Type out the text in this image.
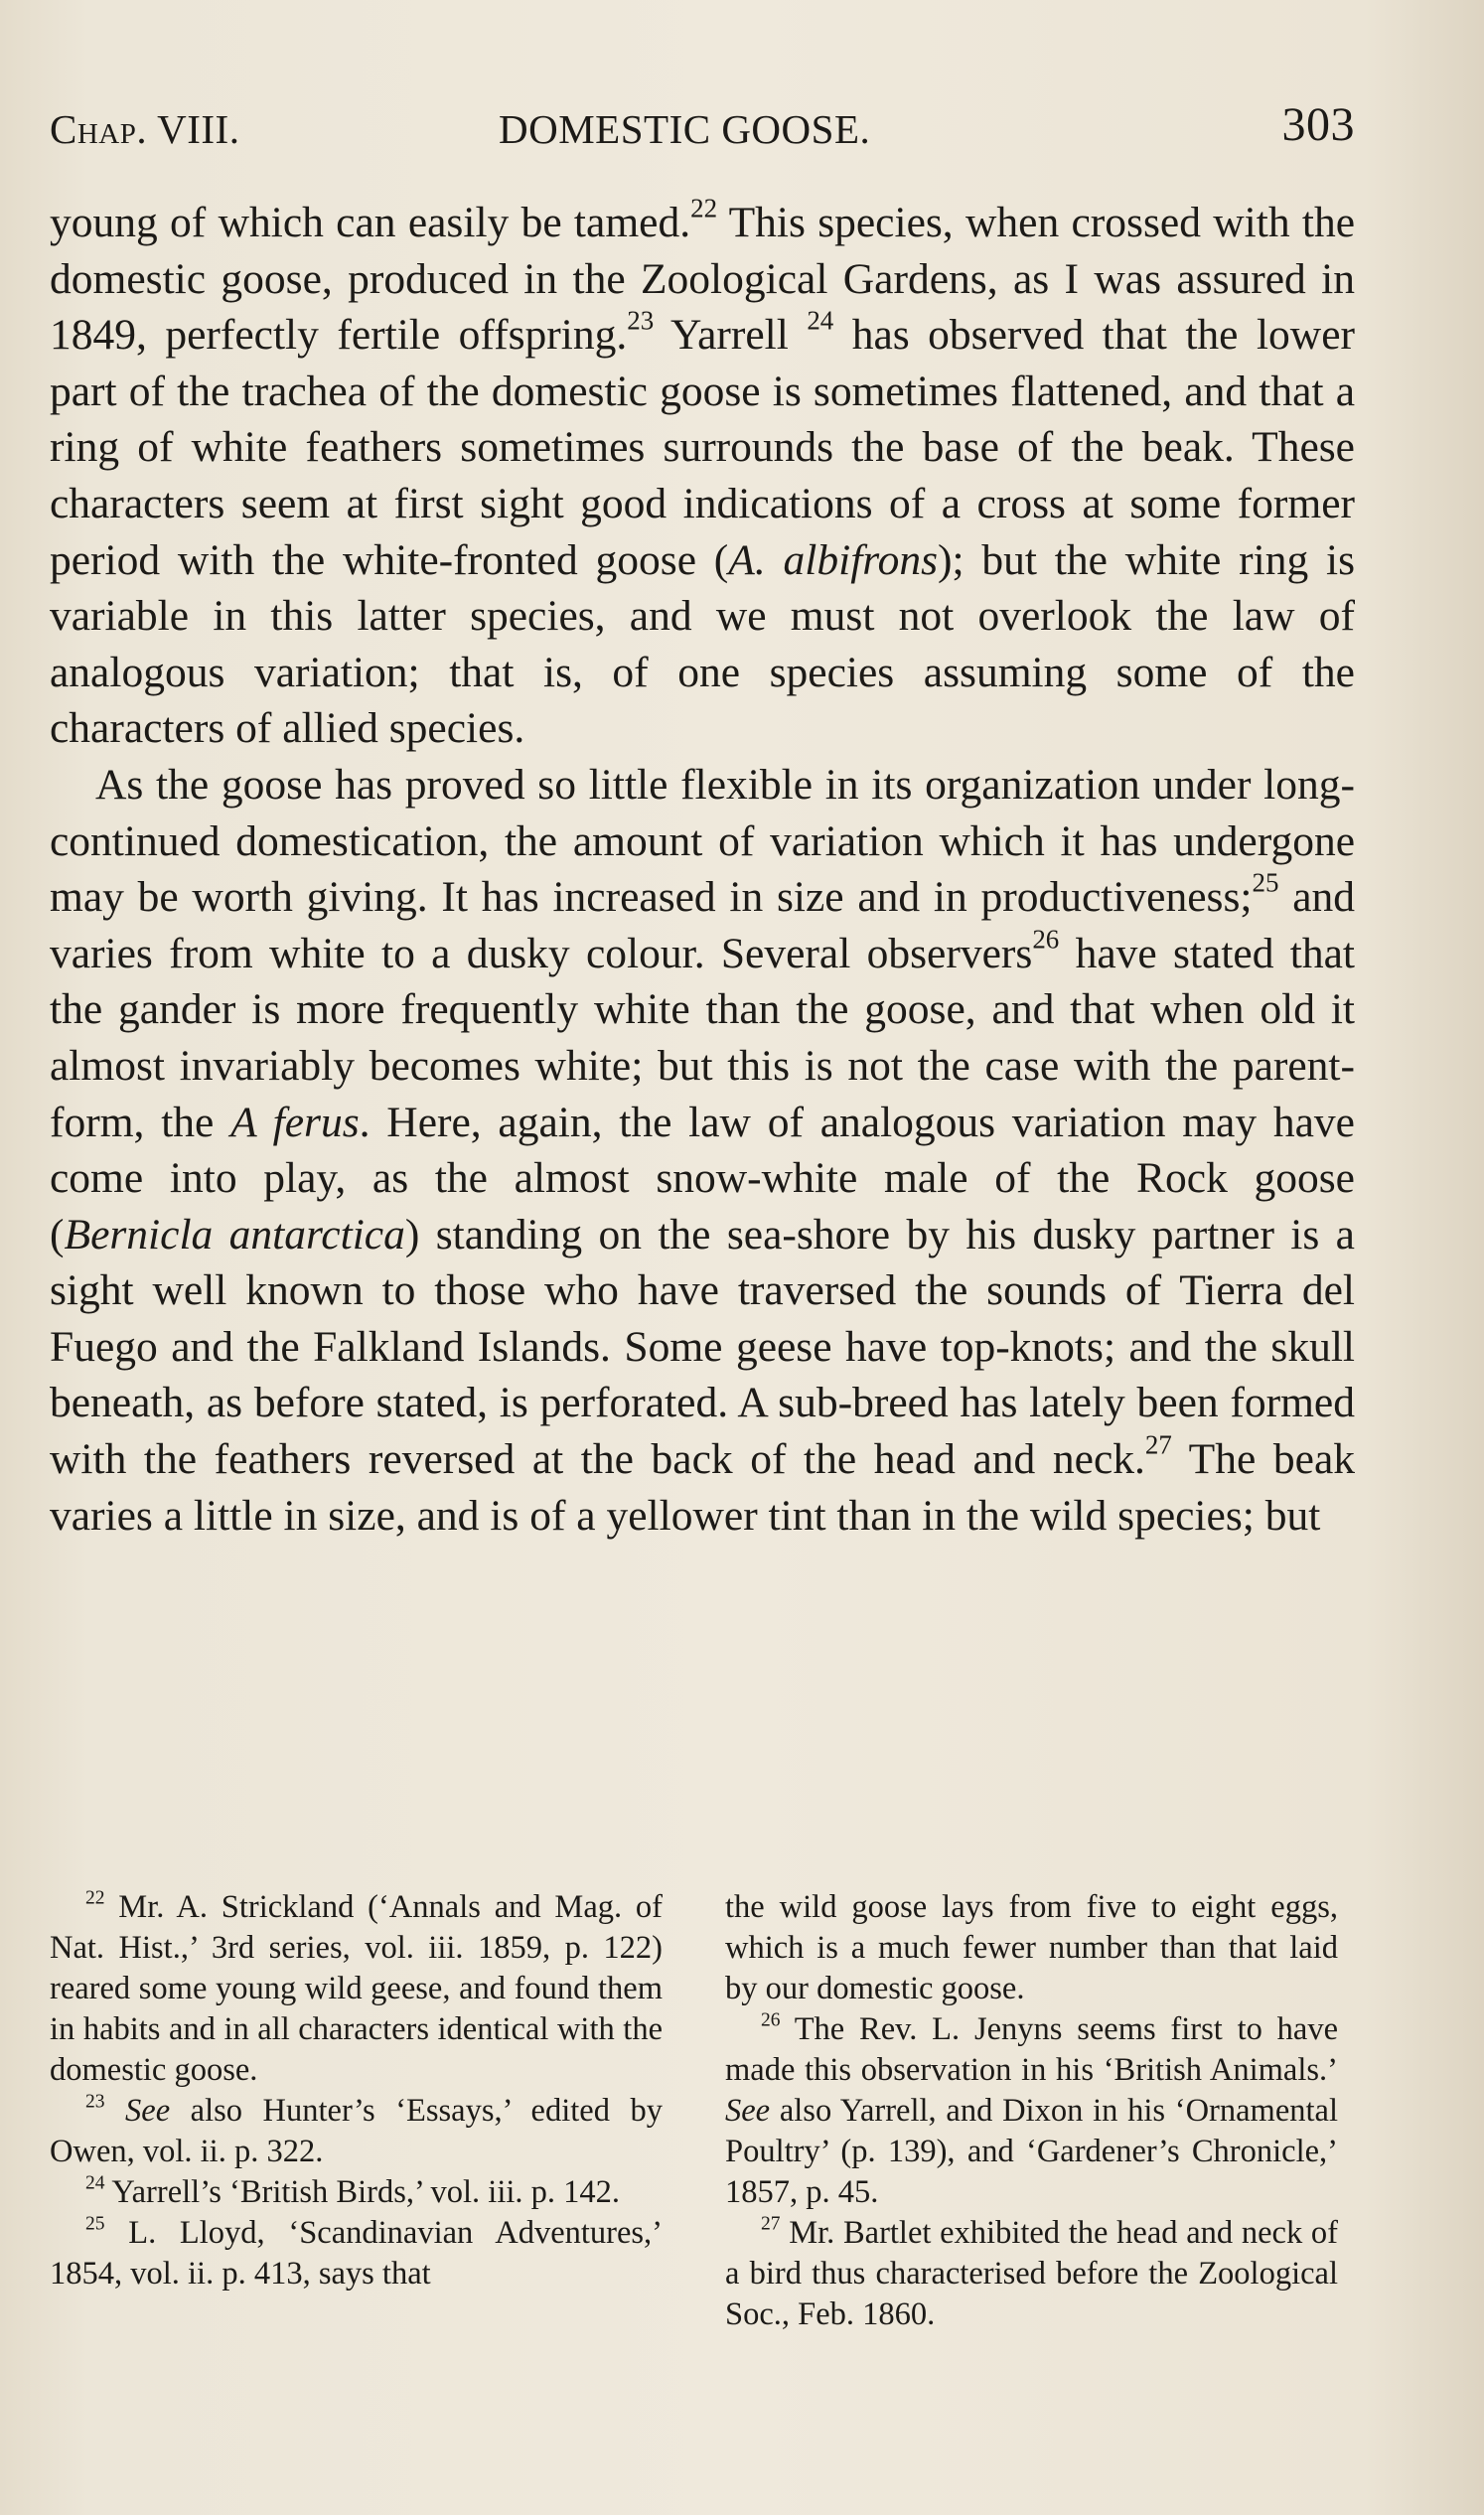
Chap. VIII.	DOMESTIC GOOSE.	303

young of which can easily be tamed.$^{22}$ This species, when crossed with the domestic goose, produced in the Zoological Gardens, as I was assured in 1849, perfectly fertile offspring.$^{23}$ Yarrell $^{24}$ has observed that the lower part of the trachea of the domestic goose is sometimes flattened, and that a ring of white feathers sometimes surrounds the base of the beak. These characters seem at first sight good indications of a cross at some former period with the white-fronted goose (A. albifrons); but the white ring is variable in this latter species, and we must not overlook the law of analogous variation; that is, of one species assuming some of the characters of allied species.

As the goose has proved so little flexible in its organization under long-continued domestication, the amount of variation which it has undergone may be worth giving. It has increased in size and in productiveness;$^{25}$ and varies from white to a dusky colour. Several observers$^{26}$ have stated that the gander is more frequently white than the goose, and that when old it almost invariably becomes white; but this is not the case with the parent-form, the A ferus. Here, again, the law of analogous variation may have come into play, as the almost snow-white male of the Rock goose (Bernicla antarctica) standing on the sea-shore by his dusky partner is a sight well known to those who have traversed the sounds of Tierra del Fuego and the Falkland Islands. Some geese have top-knots; and the skull beneath, as before stated, is perforated. A sub-breed has lately been formed with the feathers reversed at the back of the head and neck.$^{27}$ The beak varies a little in size, and is of a yellower tint than in the wild species; but

$^{22}$ Mr. A. Strickland (‘Annals and Mag. of Nat. Hist.,’ 3rd series, vol. iii. 1859, p. 122) reared some young wild geese, and found them in habits and in all characters identical with the domestic goose.

$^{23}$ See also Hunter’s ‘Essays,’ edited by Owen, vol. ii. p. 322.

$^{24}$ Yarrell’s ‘British Birds,’ vol. iii. p. 142.

$^{25}$ L. Lloyd, ‘Scandinavian Adventures,’ 1854, vol. ii. p. 413, says that

the wild goose lays from five to eight eggs, which is a much fewer number than that laid by our domestic goose.

$^{26}$ The Rev. L. Jenyns seems first to have made this observation in his ‘British Animals.’ See also Yarrell, and Dixon in his ‘Ornamental Poultry’ (p. 139), and ‘Gardener’s Chronicle,’ 1857, p. 45.

$^{27}$ Mr. Bartlet exhibited the head and neck of a bird thus characterised before the Zoological Soc., Feb. 1860.
